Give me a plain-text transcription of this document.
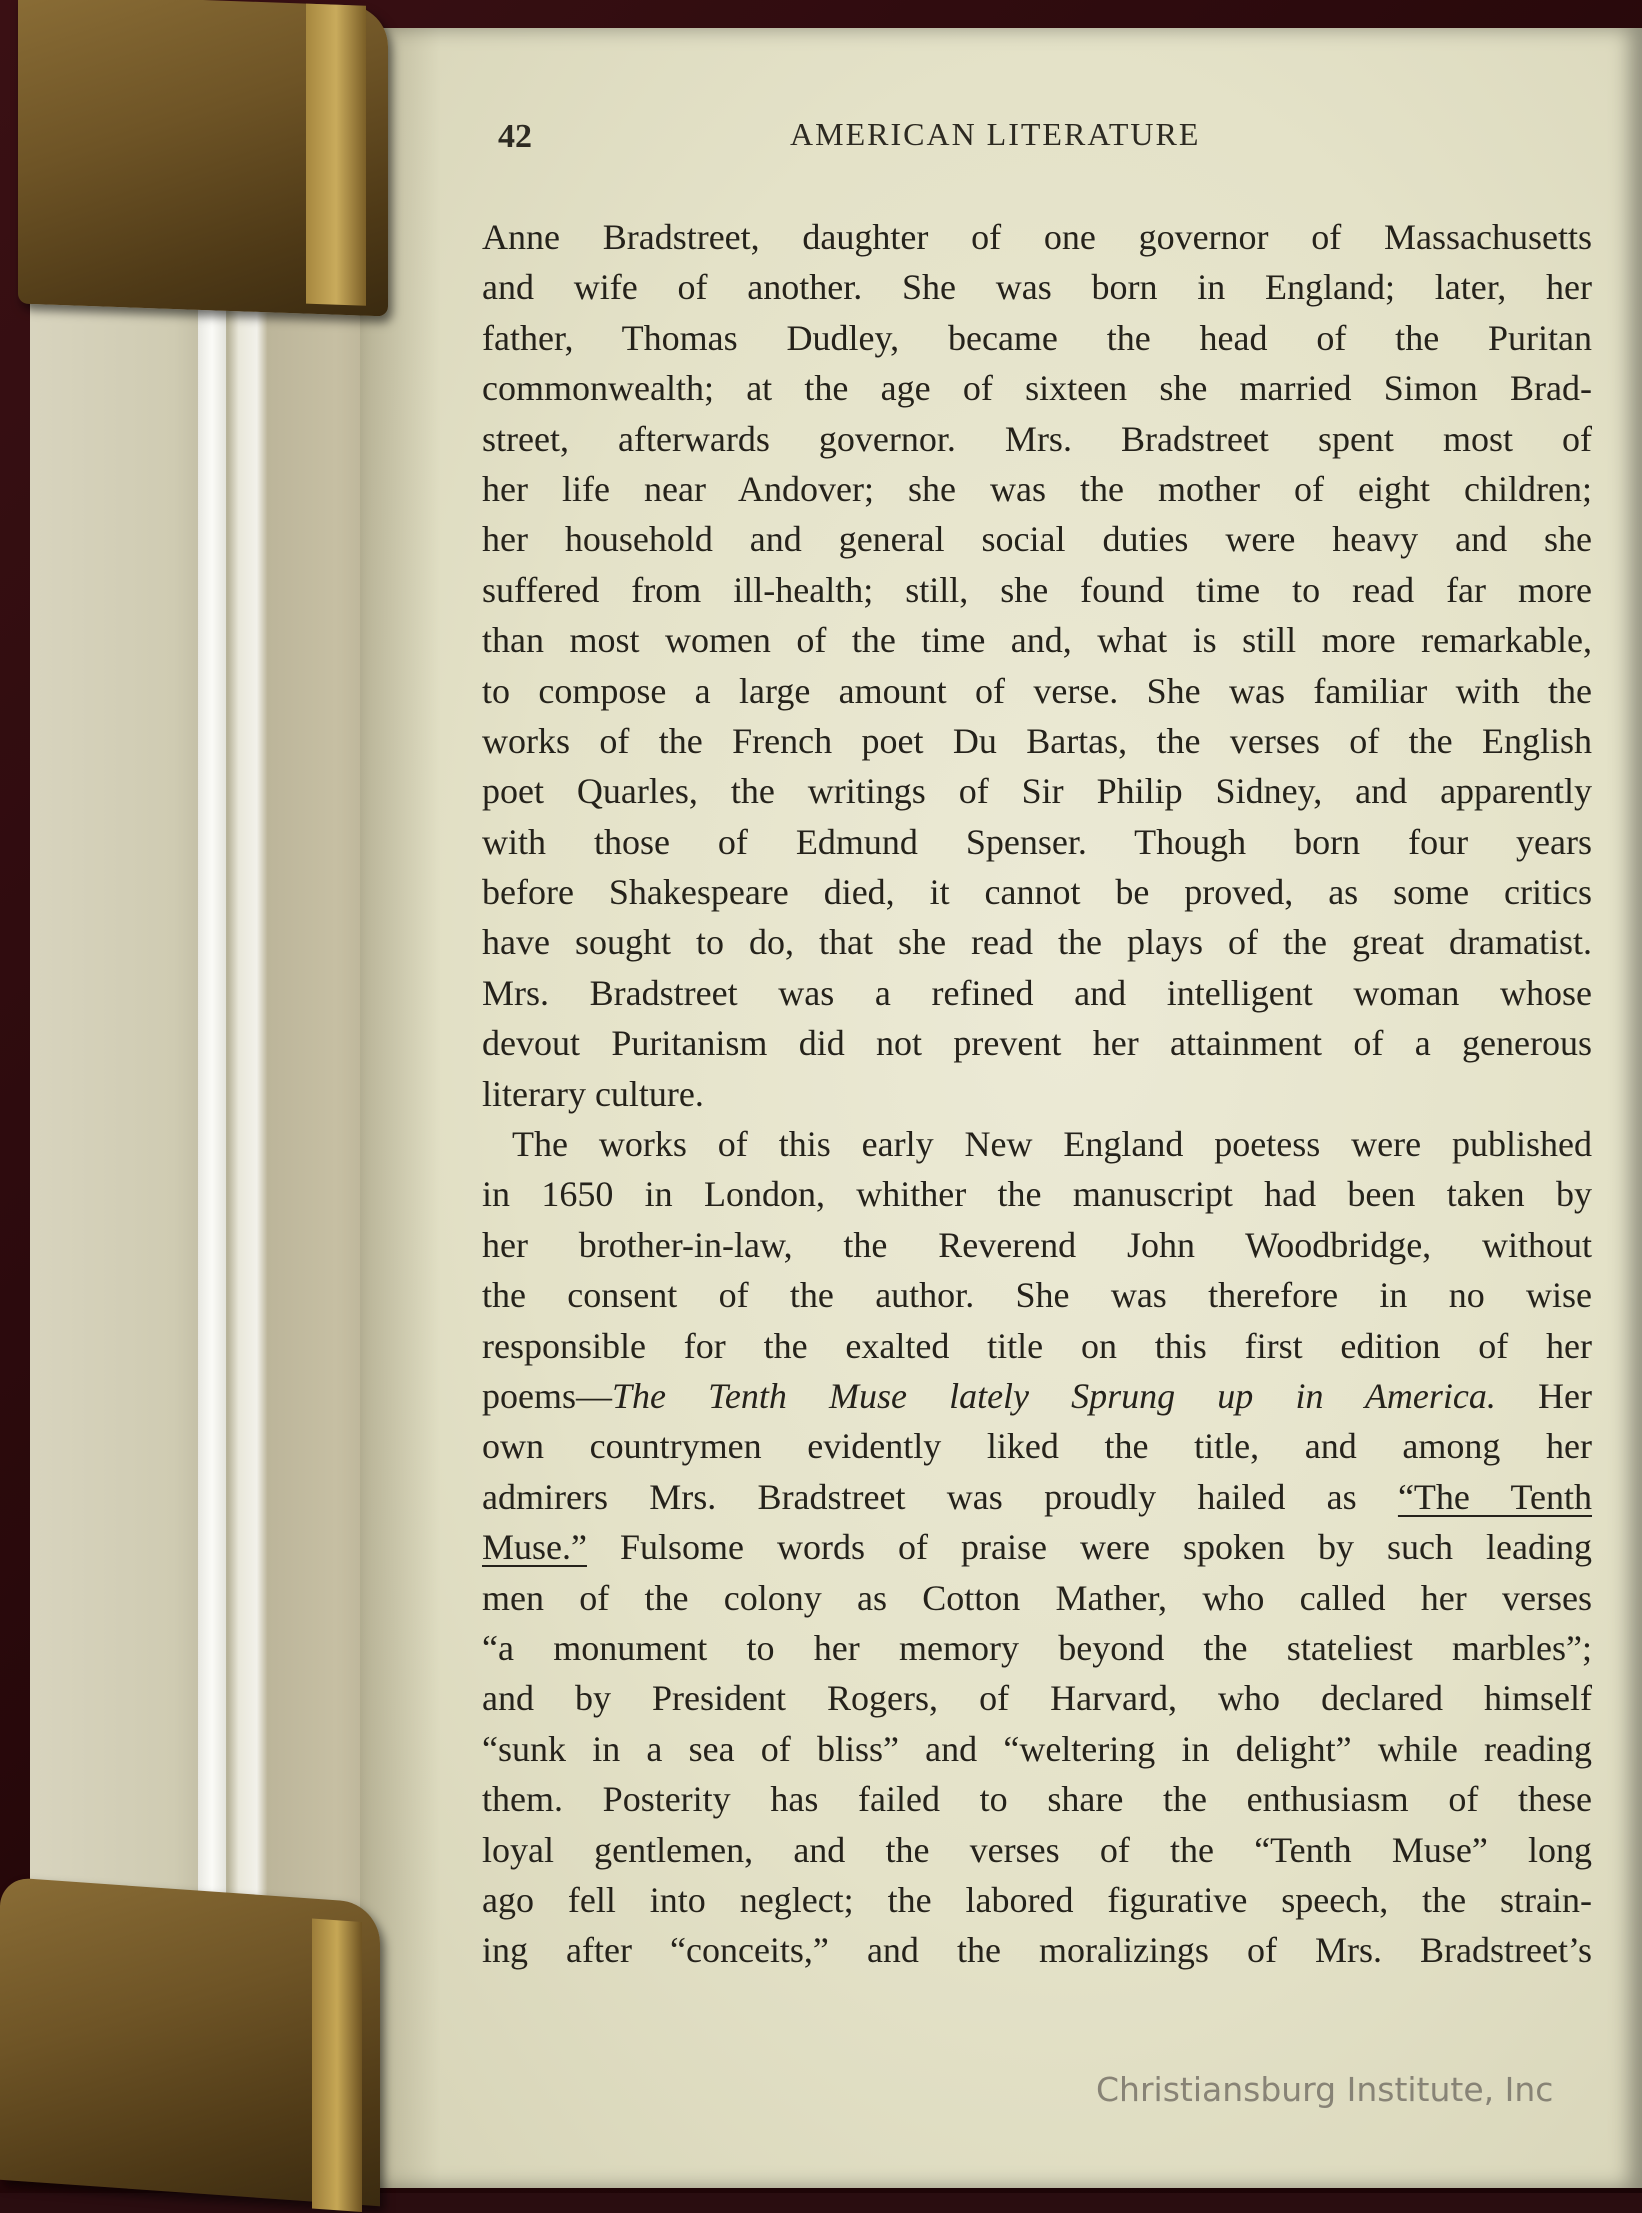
42	AMERICAN LITERATURE
Anne Bradstreet, daughter of one governor of Massachusetts
and wife of another. She was born in England; later, her
father, Thomas Dudley, became the head of the Puritan
commonwealth; at the age of sixteen she married Simon Brad-
street, afterwards governor. Mrs. Bradstreet spent most of
her life near Andover; she was the mother of eight children;
her household and general social duties were heavy and she
suffered from ill-health; still, she found time to read far more
than most women of the time and, what is still more remarkable,
to compose a large amount of verse. She was familiar with the
works of the French poet Du Bartas, the verses of the English
poet Quarles, the writings of Sir Philip Sidney, and apparently
with those of Edmund Spenser. Though born four years
before Shakespeare died, it cannot be proved, as some critics
have sought to do, that she read the plays of the great dramatist.
Mrs. Bradstreet was a refined and intelligent woman whose
devout Puritanism did not prevent her attainment of a generous
literary culture.
The works of this early New England poetess were published
in 1650 in London, whither the manuscript had been taken by
her brother-in-law, the Reverend John Woodbridge, without
the consent of the author. She was therefore in no wise
responsible for the exalted title on this first edition of her
poems—The Tenth Muse lately Sprung up in America. Her
own countrymen evidently liked the title, and among her
admirers Mrs. Bradstreet was proudly hailed as “The Tenth
Muse.” Fulsome words of praise were spoken by such leading
men of the colony as Cotton Mather, who called her verses
“a monument to her memory beyond the stateliest marbles”;
and by President Rogers, of Harvard, who declared himself
“sunk in a sea of bliss” and “weltering in delight” while reading
them. Posterity has failed to share the enthusiasm of these
loyal gentlemen, and the verses of the “Tenth Muse” long
ago fell into neglect; the labored figurative speech, the strain-
ing after “conceits,” and the moralizings of Mrs. Bradstreet’s
Christiansburg Institute, Inc
